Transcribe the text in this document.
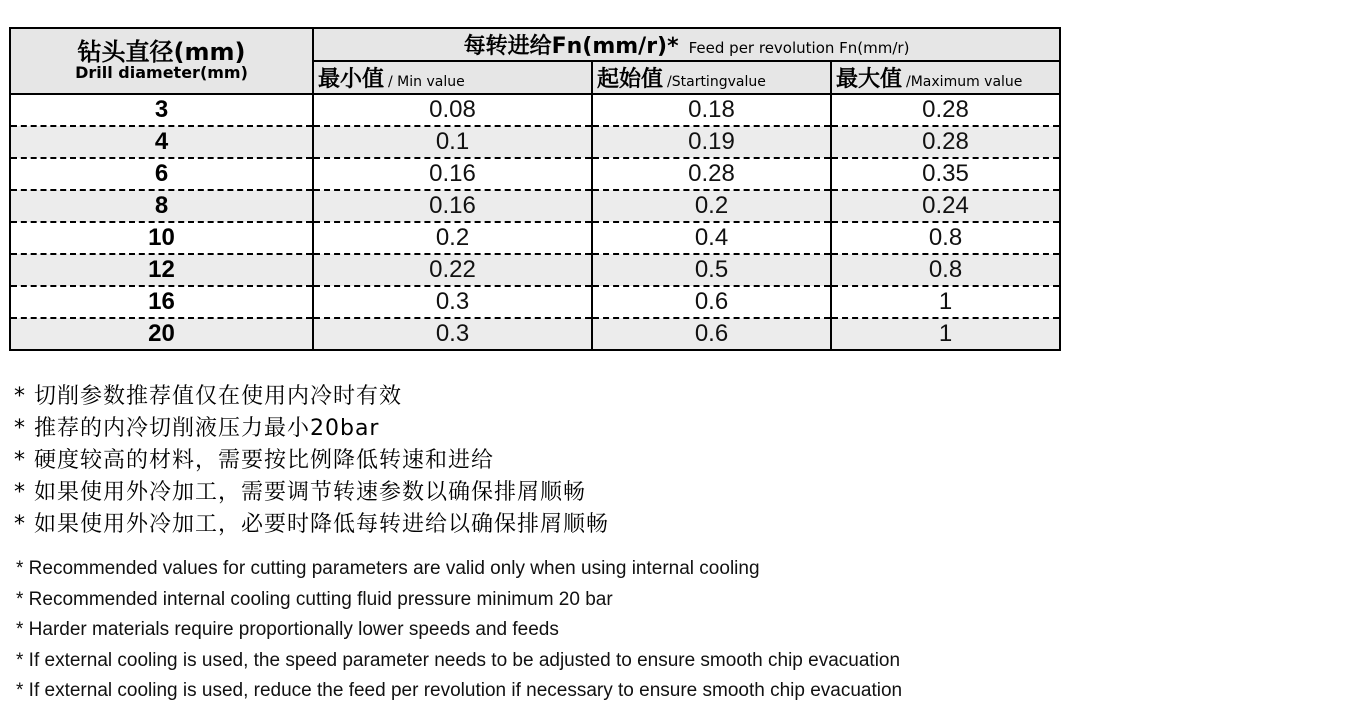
钻头直径(mm)
Drill diameter(mm)	每转进给Fn(mm/r)* Feed per revolution Fn(mm/r)		
	最小值 / Min value	起始值 /Startingvalue	最大值 /Maximum value
3	0.08	0.18	0.28
4	0.1	0.19	0.28
6	0.16	0.28	0.35
8	0.16	0.2	0.24
10	0.2	0.4	0.8
12	0.22	0.5	0.8
16	0.3	0.6	1
20	0.3	0.6	1
* 切削参数推荐值仅在使用内冷时有效
* 推荐的内冷切削液压力最小20bar
* 硬度较高的材料，需要按比例降低转速和进给
* 如果使用外冷加工，需要调节转速参数以确保排屑顺畅
* 如果使用外冷加工，必要时降低每转进给以确保排屑顺畅
* Recommended values for cutting parameters are valid only when using internal cooling
* Recommended internal cooling cutting fluid pressure minimum 20 bar
* Harder materials require proportionally lower speeds and feeds
* If external cooling is used, the speed parameter needs to be adjusted to ensure smooth chip evacuation
* If external cooling is used, reduce the feed per revolution if necessary to ensure smooth chip evacuation
